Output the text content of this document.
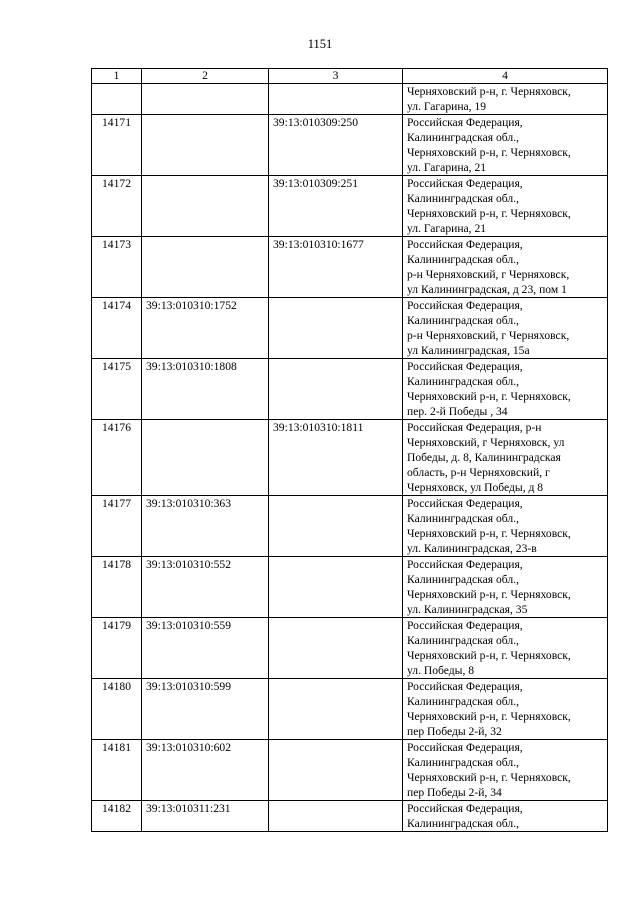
1151
1	2	3	4

			Черняховский р-н, г. Черняховск,
ул. Гагарина, 19

14171		39:13:010309:250	Российская Федерация,
Калининградская обл.,
Черняховский р-н, г. Черняховск,
ул. Гагарина, 21

14172		39:13:010309:251	Российская Федерация,
Калининградская обл.,
Черняховский р-н, г. Черняховск,
ул. Гагарина, 21

14173		39:13:010310:1677	Российская Федерация,
Калининградская обл.,
р-н Черняховский, г Черняховск,
ул Калининградская, д 23, пом 1

14174	39:13:010310:1752		Российская Федерация,
Калининградская обл.,
р-н Черняховский, г Черняховск,
ул Калининградская, 15а

14175	39:13:010310:1808		Российская Федерация,
Калининградская обл.,
Черняховский р-н, г. Черняховск,
пер. 2-й Победы , 34

14176		39:13:010310:1811	Российская Федерация, р-н
Черняховский, г Черняховск, ул
Победы, д. 8, Калининградская
область, р-н Черняховский, г
Черняховск, ул Победы, д 8

14177	39:13:010310:363		Российская Федерация,
Калининградская обл.,
Черняховский р-н, г. Черняховск,
ул. Калининградская, 23-в

14178	39:13:010310:552		Российская Федерация,
Калининградская обл.,
Черняховский р-н, г. Черняховск,
ул. Калининградская, 35

14179	39:13:010310:559		Российская Федерация,
Калининградская обл.,
Черняховский р-н, г. Черняховск,
ул. Победы, 8

14180	39:13:010310:599		Российская Федерация,
Калининградская обл.,
Черняховский р-н, г. Черняховск,
пер Победы 2-й, 32

14181	39:13:010310:602		Российская Федерация,
Калининградская обл.,
Черняховский р-н, г. Черняховск,
пер Победы 2-й, 34

14182	39:13:010311:231		Российская Федерация,
Калининградская обл.,
